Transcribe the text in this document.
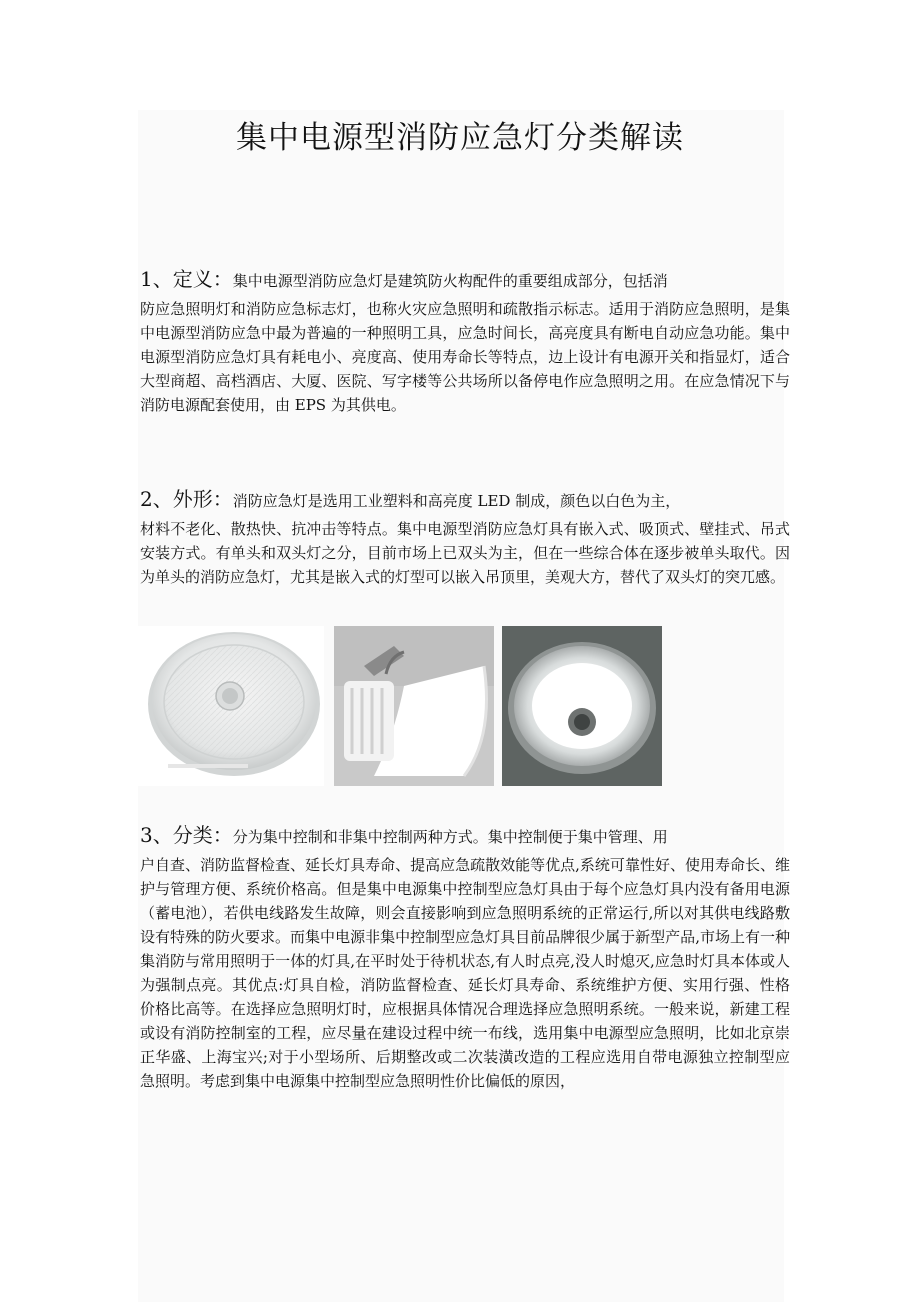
集中电源型消防应急灯分类解读

1、定义：集中电源型消防应急灯是建筑防火构配件的重要组成部分，包括消

防应急照明灯和消防应急标志灯，也称火灾应急照明和疏散指示标志。适用于消防应急照明，是集中电源型消防应急中最为普遍的一种照明工具，应急时间长，高亮度具有断电自动应急功能。集中电源型消防应急灯具有耗电小、亮度高、使用寿命长等特点，边上设计有电源开关和指显灯，适合大型商超、高档酒店、大厦、医院、写字楼等公共场所以备停电作应急照明之用。在应急情况下与消防电源配套使用，由 EPS 为其供电。

2、外形：消防应急灯是选用工业塑料和高亮度 LED 制成，颜色以白色为主，

材料不老化、散热快、抗冲击等特点。集中电源型消防应急灯具有嵌入式、吸顶式、壁挂式、吊式安装方式。有单头和双头灯之分，目前市场上已双头为主，但在一些综合体在逐步被单头取代。因为单头的消防应急灯，尤其是嵌入式的灯型可以嵌入吊顶里，美观大方，替代了双头灯的突兀感。

3、分类：分为集中控制和非集中控制两种方式。集中控制便于集中管理、用

户自查、消防监督检查、延长灯具寿命、提高应急疏散效能等优点,系统可靠性好、使用寿命长、维护与管理方便、系统价格高。但是集中电源集中控制型应急灯具由于每个应急灯具内没有备用电源（蓄电池），若供电线路发生故障，则会直接影响到应急照明系统的正常运行,所以对其供电线路敷设有特殊的防火要求。而集中电源非集中控制型应急灯具目前品牌很少属于新型产品,市场上有一种集消防与常用照明于一体的灯具,在平时处于待机状态,有人时点亮,没人时熄灭,应急时灯具本体或人为强制点亮。其优点:灯具自检，消防监督检查、延长灯具寿命、系统维护方便、实用行强、性格价格比高等。在选择应急照明灯时，应根据具体情况合理选择应急照明系统。一般来说，新建工程或设有消防控制室的工程，应尽量在建设过程中统一布线，选用集中电源型应急照明，比如北京崇正华盛、上海宝兴;对于小型场所、后期整改或二次装潢改造的工程应选用自带电源独立控制型应急照明。考虑到集中电源集中控制型应急照明性价比偏低的原因，
